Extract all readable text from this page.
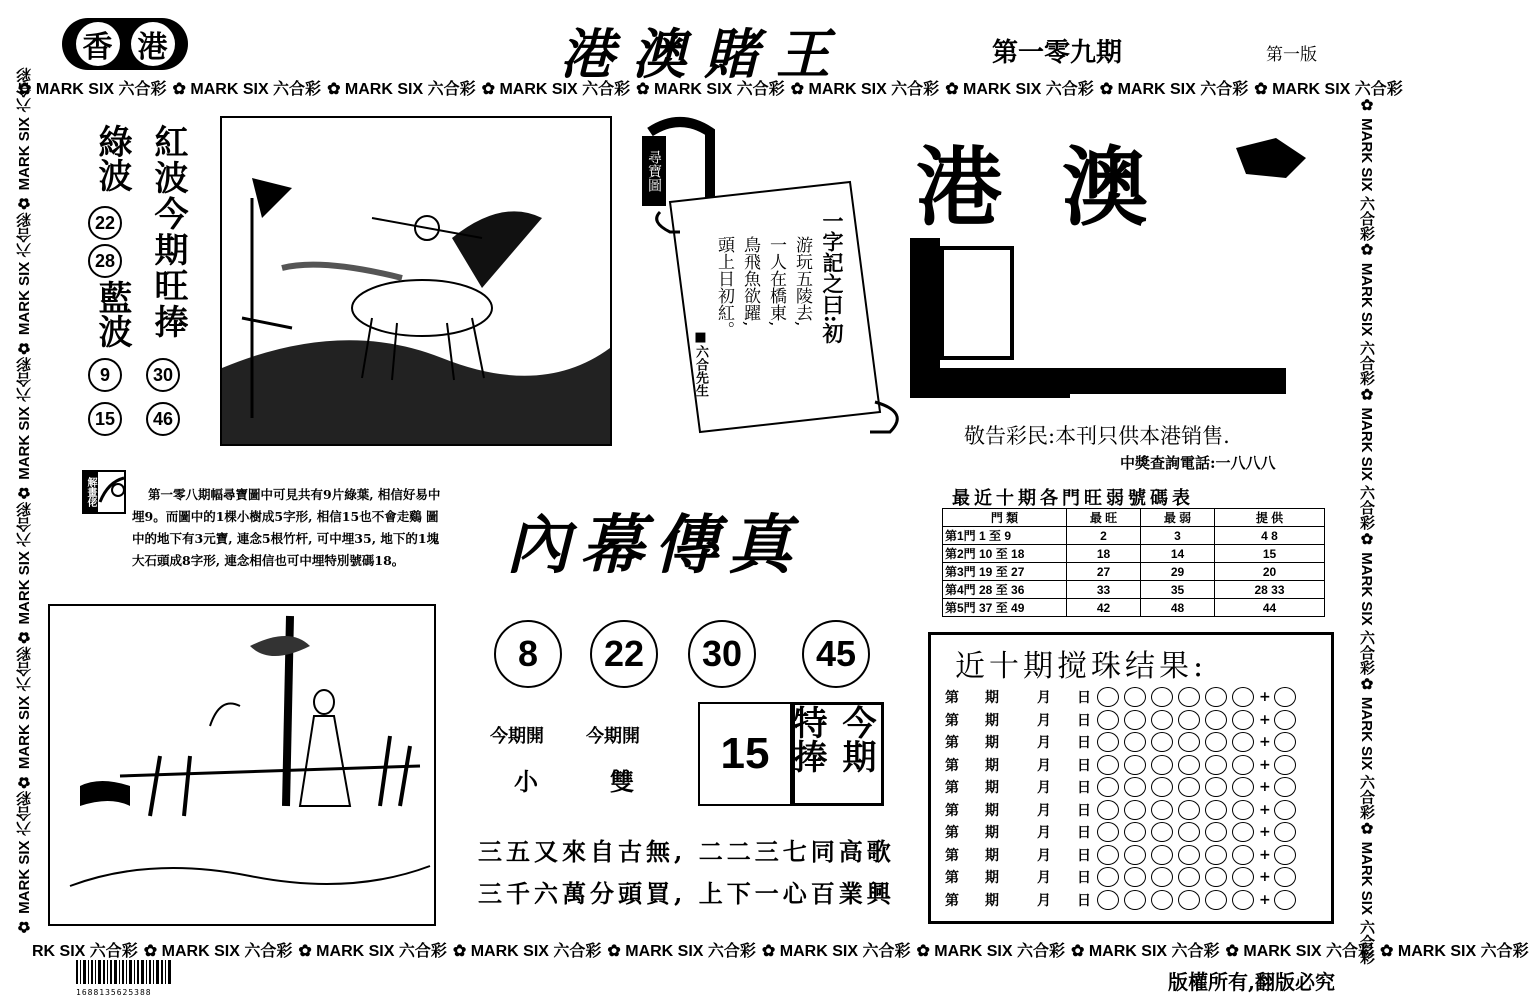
香 港	港澳賭王	第一零九期	第一版
✿ MARK SIX 六合彩 ✿ MARK SIX 六合彩 ✿ MARK SIX 六合彩 ✿ MARK SIX 六合彩 ✿ MARK SIX 六合彩 ✿ MARK SIX 六合彩 ✿ MARK SIX 六合彩 ✿ MARK SIX 六合彩 ✿ MARK SIX 六合彩
RK SIX 六合彩 ✿ MARK SIX 六合彩 ✿ MARK SIX 六合彩 ✿ MARK SIX 六合彩 ✿ MARK SIX 六合彩 ✿ MARK SIX 六合彩 ✿ MARK SIX 六合彩 ✿ MARK SIX 六合彩 ✿ MARK SIX 六合彩 ✿ MARK SIX 六合彩
✿ MARK SIX 六合彩✿ MARK SIX 六合彩✿ MARK SIX 六合彩✿ MARK SIX 六合彩✿ MARK SIX 六合彩✿ MARK SIX 六合彩	✿ MARK SIX 六合彩✿ MARK SIX 六合彩✿ MARK SIX 六合彩✿ MARK SIX 六合彩✿ MARK SIX 六合彩✿ MARK SIX 六合彩
綠波 紅波今期旺捧
藍波
22
28
9
15
30
46
尋寶圖
一字記之曰:初
游玩五陵去,
一人在橋東,
鳥飛魚欲躍,
頭上日初紅。
■六合先生
港澳
敬告彩民:本刊只供本港销售.
中獎查詢電話:一八八八
解畫佬	第一零八期幅尋寶圖中可見共有9片綠葉, 相信好易中埋9。而圖中的1棵小樹成5字形, 相信15也不會走鷄 圖中的地下有3元寶, 連念5根竹杆, 可中埋35, 地下的1塊大石頭成8字形, 連念相信也可中埋特別號碼18。	內幕傳真
8	22	30	45
今期開
小
今期開
雙
15
今
期
特
捧
三五又來自古無, 二二三七同高歌
三千六萬分頭買, 上下一心百業興
最近十期各門旺弱號碼表
門 類	最 旺	最 弱	提 供
第1門 1 至 9	2	3	4 8
第2門 10 至 18	18	14	15
第3門 19 至 27	27	29	20
第4門 28 至 36	33	35	28 33
第5門 37 至 49	42	48	44
近十期搅珠结果:
第	期	月	日	+
第	期	月	日	+
第	期	月	日	+
第	期	月	日	+
第	期	月	日	+
第	期	月	日	+
第	期	月	日	+
第	期	月	日	+
第	期	月	日	+
第	期	月	日	+
1688135625388	版權所有,翻版必究
